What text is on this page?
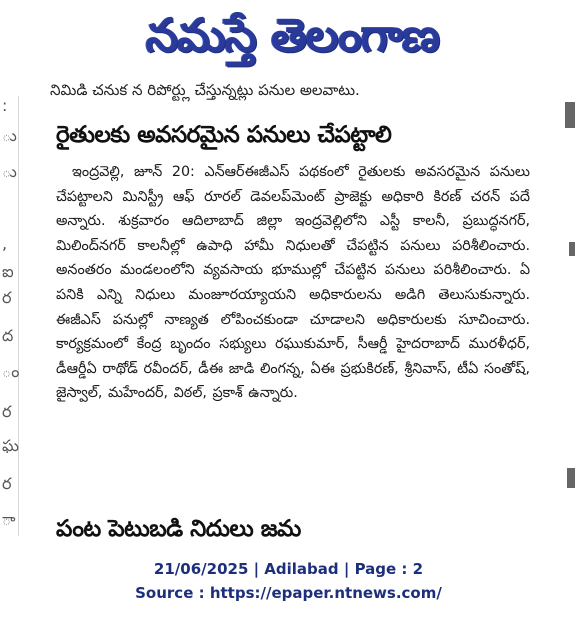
నమస్తే తెలంగాణ
:
ు
ు
,
ఐ
ర
ద
ం
ర
ఘ
ర
ా
నిమిడి చనుక న రిపోర్ట్లు చేస్తున్నట్లు పనుల అలవాటు.
రైతులకు అవసరమైన పనులు చేపట్టాలి

ఇంద్రవెల్లి, జూన్ 20: ఎన్ఆర్ఈజీఎస్ పథకంలో రైతులకు అవసరమైన పనులు చేపట్టాలని మినిస్ట్రీ ఆఫ్ రూరల్ డెవలప్‌మెంట్ ప్రాజెక్టు అధికారి కిరణ్ చరన్ పదే అన్నారు. శుక్రవారం ఆదిలాబాద్ జిల్లా ఇంద్రవెల్లిలోని ఎస్టీ కాలనీ, ప్రబుద్ధనగర్, మిలింద్‌నగర్ కాలనీల్లో ఉపాధి హామీ నిధులతో చేపట్టిన పనులు పరిశీలించారు. అనంతరం మండలంలోని వ్యవసాయ భూముల్లో చేపట్టిన పనులు పరిశీలించారు. ఏ పనికి ఎన్ని నిధులు మంజూరయ్యాయని అధికారులను అడిగి తెలుసుకున్నారు. ఈజీఎస్ పనుల్లో నాణ్యత లోపించకుండా చూడాలని అధికారులకు సూచించారు. కార్యక్రమంలో కేంద్ర బృందం సభ్యులు రఘుకుమార్, సీఆర్డీ హైదరాబాద్ మురళీధర్, డీఆర్డీఏ రాథోడ్ రవీందర్, డీఈ జాడి లింగన్న, ఏఈ ప్రభుకిరణ్, శ్రీనివాస్, టీఏ సంతోష్, జైస్వాల్, మహేందర్, విఠల్, ప్రకాశ్ ఉన్నారు.

పంట పెటుబడి నిదులు జమ
21/06/2025 | Adilabad | Page : 2
Source : https://epaper.ntnews.com/
